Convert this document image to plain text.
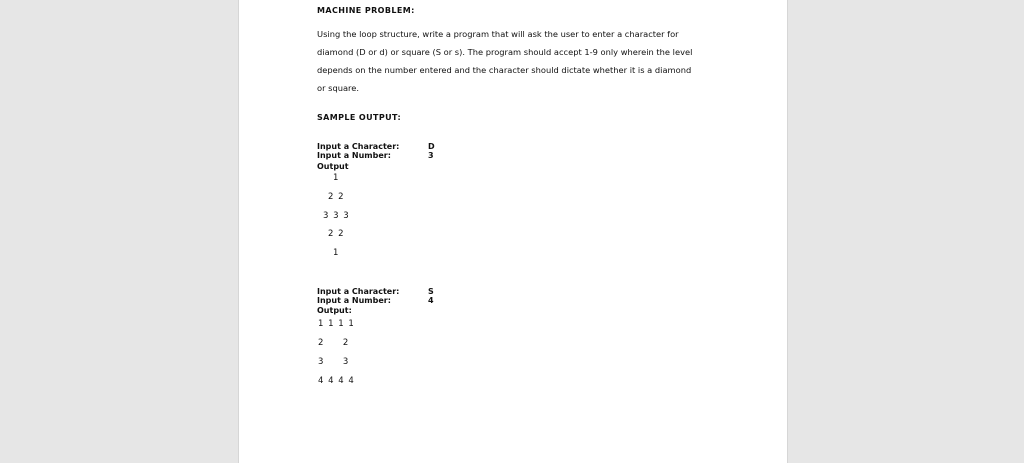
MACHINE PROBLEM:
Using the loop structure, write a program that will ask the user to enter a character for
diamond (D or d) or square (S or s). The program should accept 1-9 only wherein the level
depends on the number entered and the character should dictate whether it is a diamond
or square.
SAMPLE OUTPUT:
Input a Character:	D
Input a Number:	3
Output
1
2 2
3 3 3
2 2
1
Input a Character:	S
Input a Number:	4
Output:
1 1 1 1
2     2
3     3
4 4 4 4
